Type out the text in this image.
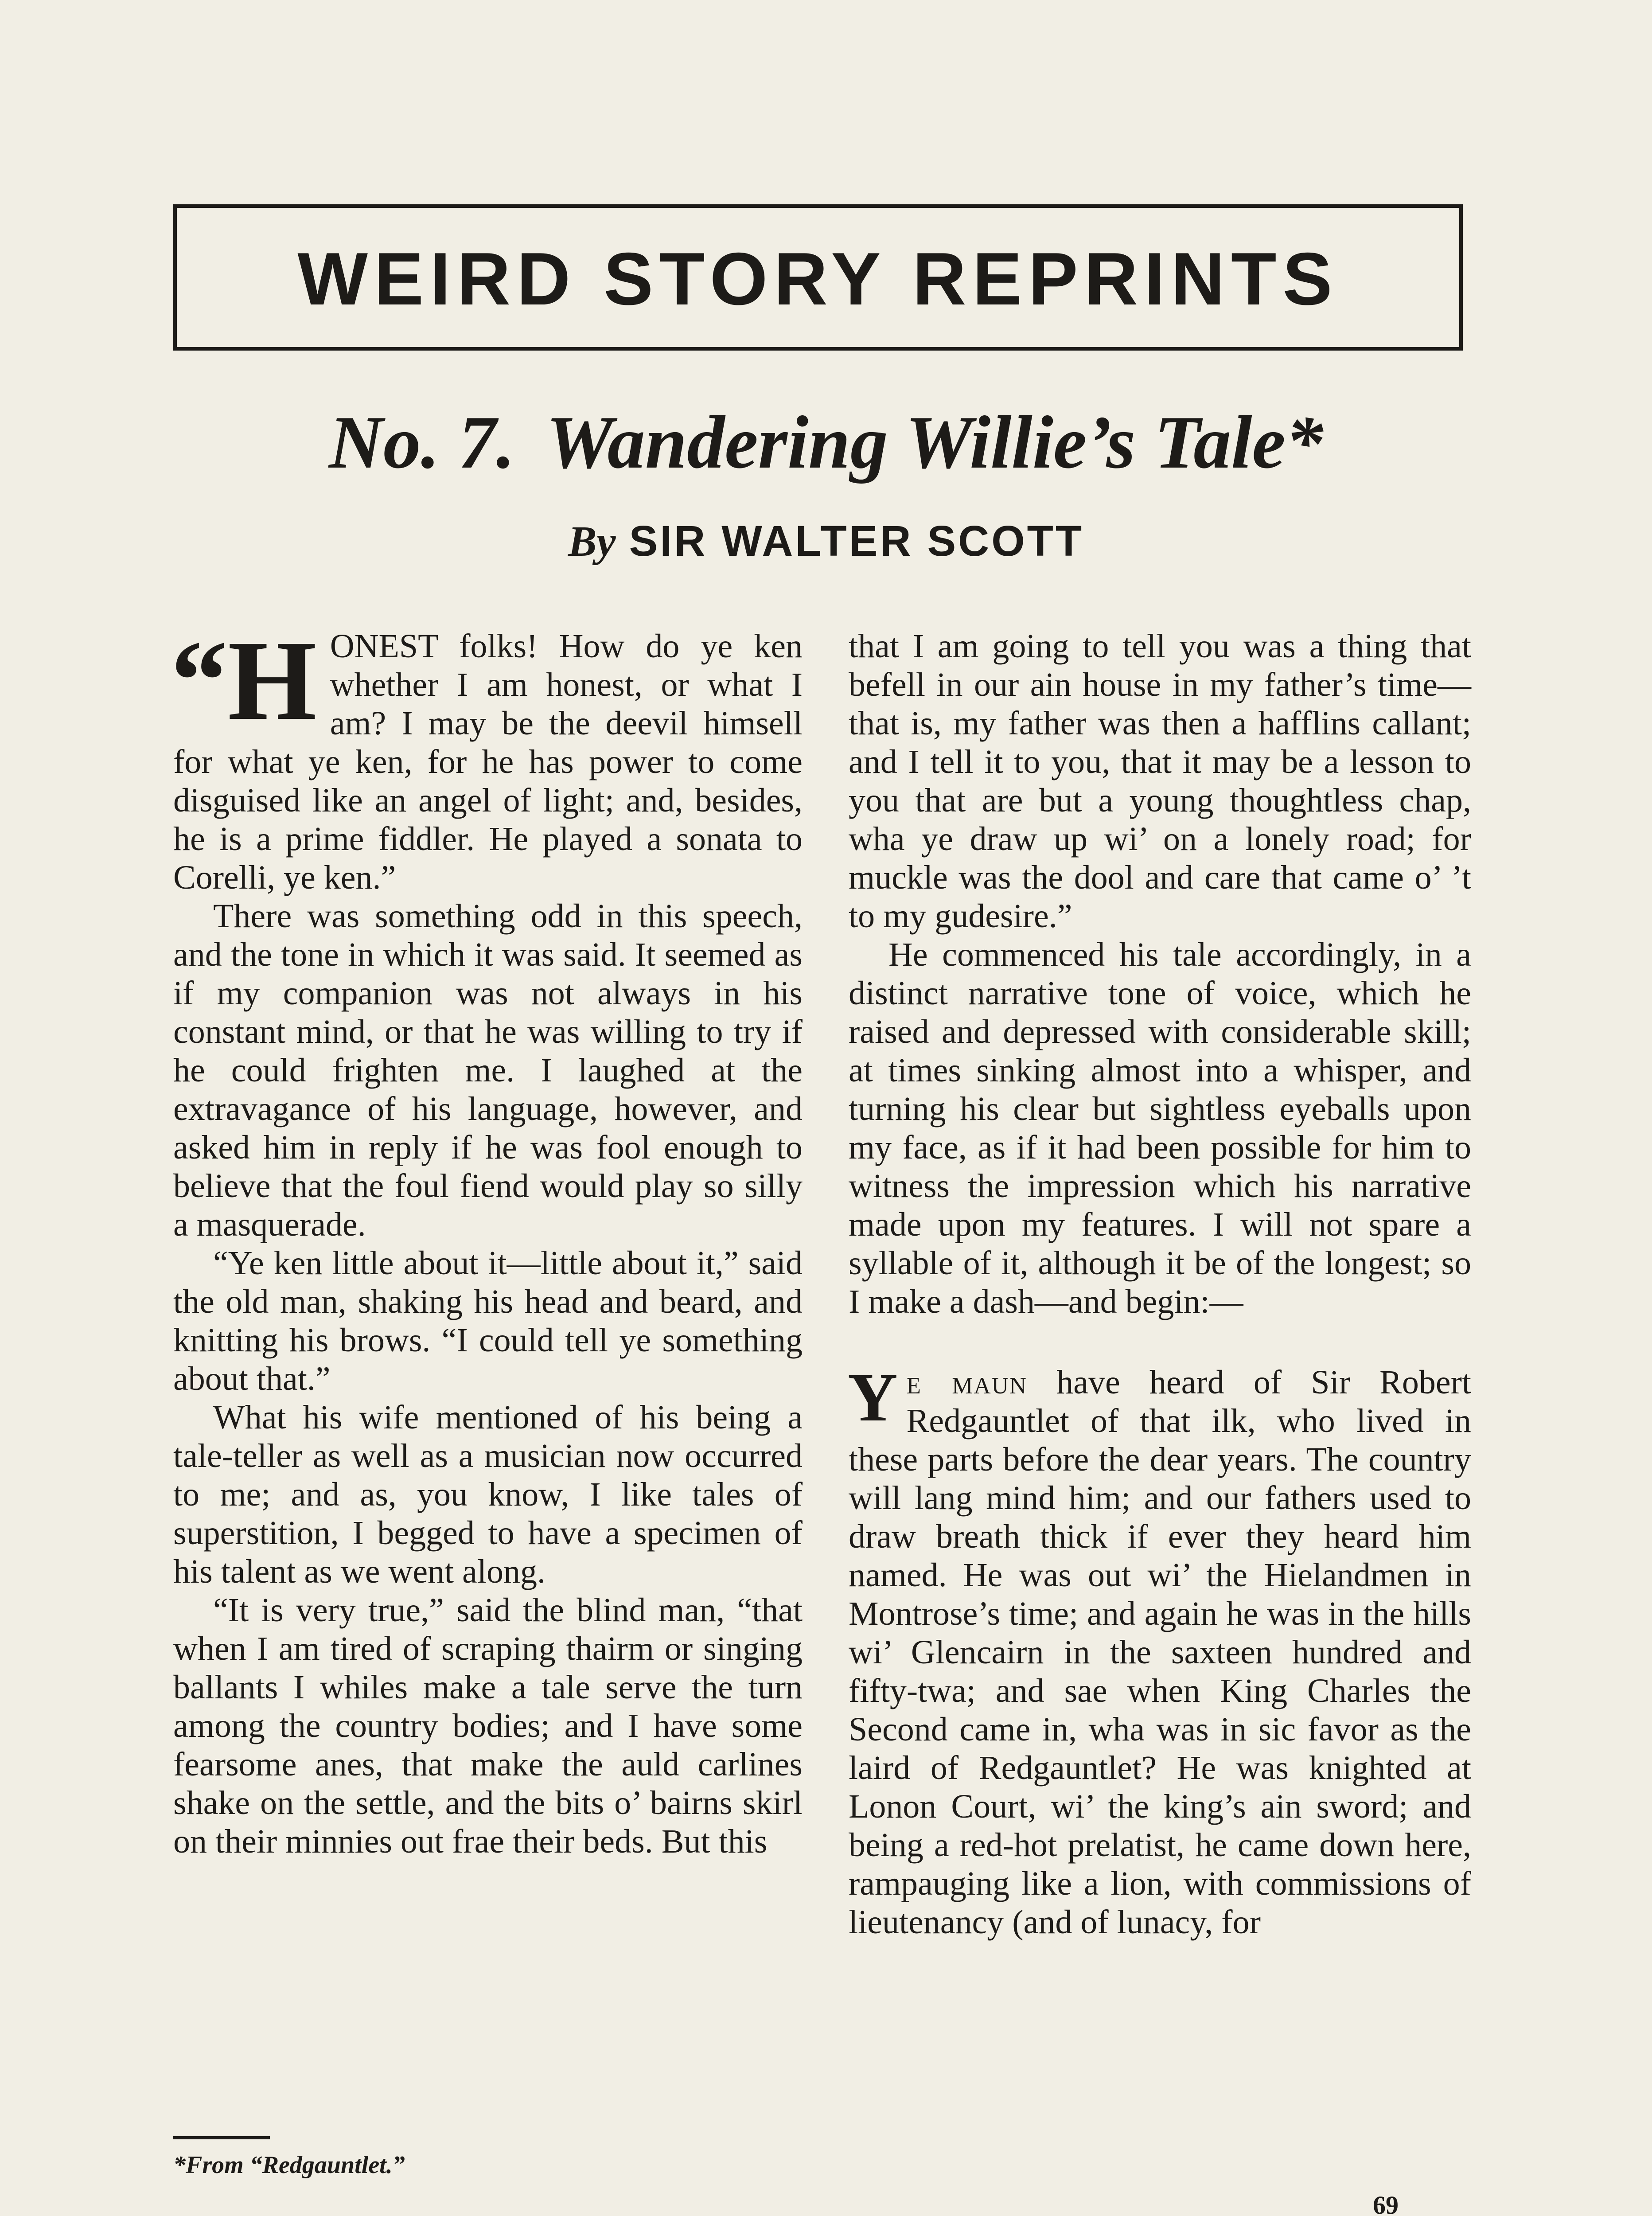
WEIRD STORY REPRINTS
No. 7. Wandering Willie’s Tale*
By SIR WALTER SCOTT

“H ONEST folks! How do ye ken whether I am honest, or what I am? I may be the deevil himsell for what ye ken, for he has power to come disguised like an angel of light; and, besides, he is a prime fiddler. He played a sonata to Corelli, ye ken.”

There was something odd in this speech, and the tone in which it was said. It seemed as if my companion was not always in his constant mind, or that he was willing to try if he could frighten me. I laughed at the extravagance of his language, however, and asked him in reply if he was fool enough to believe that the foul fiend would play so silly a masquerade.

“Ye ken little about it—little about it,” said the old man, shaking his head and beard, and knitting his brows. “I could tell ye something about that.”

What his wife mentioned of his being a tale-teller as well as a musician now occurred to me; and as, you know, I like tales of superstition, I begged to have a specimen of his talent as we went along.

“It is very true,” said the blind man, “that when I am tired of scraping thairm or singing ballants I whiles make a tale serve the turn among the country bodies; and I have some fearsome anes, that make the auld carlines shake on the settle, and the bits o’ bairns skirl on their minnies out frae their beds. But this

that I am going to tell you was a thing that befell in our ain house in my father’s time—that is, my father was then a hafflins callant; and I tell it to you, that it may be a lesson to you that are but a young thoughtless chap, wha ye draw up wi’ on a lonely road; for muckle was the dool and care that came o’ ’t to my gudesire.”

He commenced his tale accordingly, in a distinct narrative tone of voice, which he raised and depressed with considerable skill; at times sinking almost into a whisper, and turning his clear but sightless eyeballs upon my face, as if it had been possible for him to witness the impression which his narrative made upon my features. I will not spare a syllable of it, although it be of the longest; so I make a dash—and begin:—

Ye maun have heard of Sir Robert Redgauntlet of that ilk, who lived in these parts before the dear years. The country will lang mind him; and our fathers used to draw breath thick if ever they heard him named. He was out wi’ the Hielandmen in Montrose’s time; and again he was in the hills wi’ Glencairn in the saxteen hundred and fifty-twa; and sae when King Charles the Second came in, wha was in sic favor as the laird of Redgauntlet? He was knighted at Lonon Court, wi’ the king’s ain sword; and being a red-hot prelatist, he came down here, rampauging like a lion, with commissions of lieutenancy (and of lunacy, for

*From “Redgauntlet.”
69
